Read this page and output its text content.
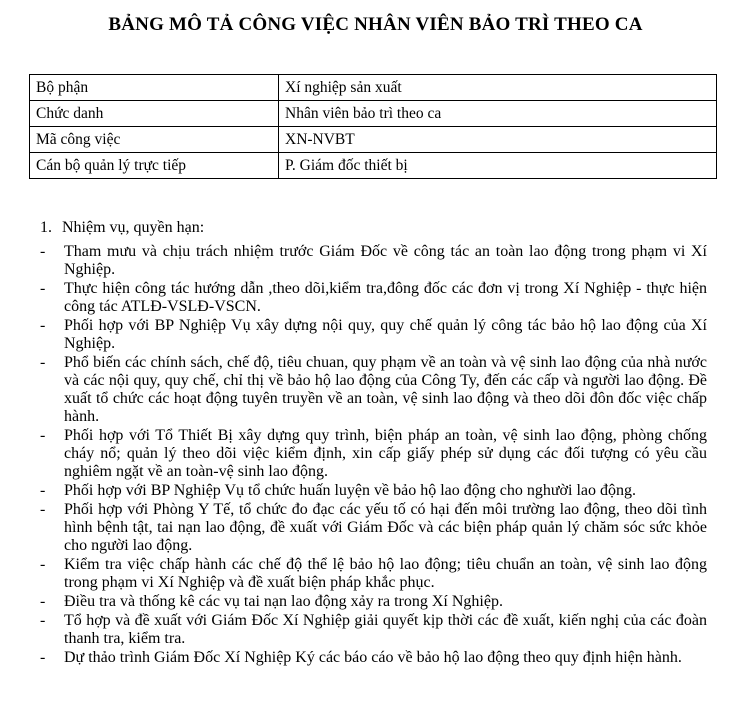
BẢNG MÔ TẢ CÔNG VIỆC NHÂN VIÊN BẢO TRÌ THEO CA
Bộ phận	Xí nghiệp sản xuất
Chức danh	Nhân viên bảo trì theo ca
Mã công việc	XN-NVBT
Cán bộ quản lý trực tiếp	P. Giám đốc thiết bị
1. Nhiệm vụ, quyền hạn:
- Tham mưu và chịu trách nhiệm trước Giám Đốc về công tác an toàn lao động trong phạm vi Xí Nghiệp.
- Thực hiện công tác hướng dẫn ,theo dõi,kiểm tra,đông đốc các đơn vị trong Xí Nghiệp - thực hiện công tác ATLĐ-VSLĐ-VSCN.
- Phối hợp với BP Nghiệp Vụ xây dựng nội quy, quy chế quản lý công tác bảo hộ lao động của Xí Nghiệp.
- Phổ biến các chính sách, chế độ, tiêu chuan, quy phạm về an toàn và vệ sinh lao động của nhà nước và các nội quy, quy chế, chỉ thị về bảo hộ lao động của Công Ty, đến các cấp và người lao động. Đề xuất tổ chức các hoạt động tuyên truyền về an toàn, vệ sinh lao động và theo dõi đôn đốc việc chấp hành.
- Phối hợp với Tổ Thiết Bị xây dựng quy trình, biện pháp an toàn, vệ sinh lao động, phòng chống cháy nổ; quản lý theo dõi việc kiểm định, xin cấp giấy phép sử dụng các đối tượng có yêu cầu nghiêm ngặt về an toàn-vệ sinh lao động.
- Phối hợp với BP Nghiệp Vụ tổ chức huấn luyện về bảo hộ lao động cho nghười lao động.
- Phối hợp với Phòng Y Tế, tổ chức đo đạc các yếu tố có hại đến môi trường lao động, theo dõi tình hình bệnh tật, tai nạn lao động, đề xuất với Giám Đốc và các biện pháp quản lý chăm sóc sức khỏe cho người lao động.
- Kiểm tra việc chấp hành các chế độ thể lệ bảo hộ lao động; tiêu chuẩn an toàn, vệ sinh lao động trong phạm vi Xí Nghiệp và đề xuất biện pháp khắc phục.
- Điều tra và thống kê các vụ tai nạn lao động xảy ra trong Xí Nghiệp.
- Tổ hợp và đề xuất với Giám Đốc Xí Nghiệp giải quyết kịp thời các đề xuất, kiến nghị của các đoàn thanh tra, kiểm tra.
- Dự thảo trình Giám Đốc Xí Nghiệp Ký các báo cáo về bảo hộ lao động theo quy định hiện hành.
